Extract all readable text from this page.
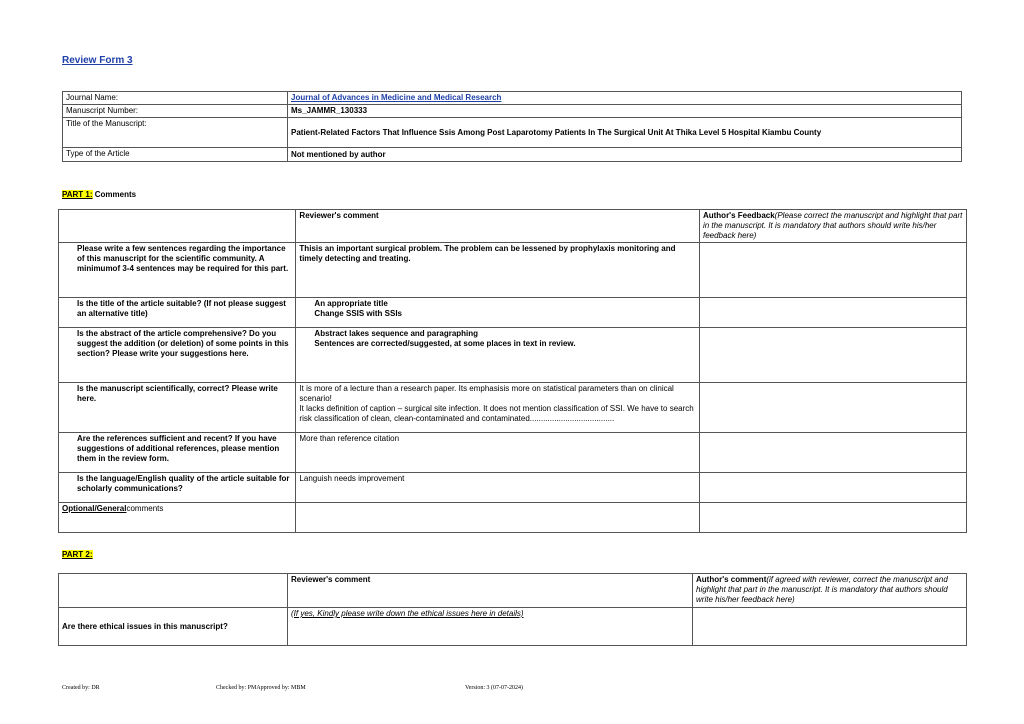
Review Form 3
Journal Name:	Journal of Advances in Medicine and Medical Research
Manuscript Number:	Ms_JAMMR_130333
Title of the Manuscript:	Patient-Related Factors That Influence Ssis Among Post Laparotomy Patients In The Surgical Unit At Thika Level 5 Hospital Kiambu County
Type of the Article	Not mentioned by author
PART 1: Comments
	Reviewer's comment	Author's Feedback(Please correct the manuscript and highlight that part in the manuscript. It is mandatory that authors should write his/her feedback here)
Please write a few sentences regarding the importance of this manuscript for the scientific community. A minimumof 3-4 sentences may be required for this part.	Thisis an important surgical problem. The problem can be lessened by prophylaxis monitoring and timely detecting and treating.	
Is the title of the article suitable? (If not please suggest an alternative title)	An appropriate title
Change SSIS with SSIs	

Is the abstract of the article comprehensive? Do you suggest the addition (or deletion) of some points in this section? Please write your suggestions here.	Abstract lakes sequence and paragraphing
Sentences are corrected/suggested, at some places in text in review.	

Is the manuscript scientifically, correct? Please write here.	It is more of a lecture than a research paper. Its emphasisis more on statistical parameters than on clinical scenario!
It lacks definition of caption – surgical site infection. It does not mention classification of SSI. We have to search risk classification of clean, clean-contaminated and contaminated......................................	

Are the references sufficient and recent? If you have suggestions of additional references, please mention them in the review form.	More than reference citation	
Is the language/English quality of the article suitable for scholarly communications?	Languish needs improvement	
Optional/Generalcomments		
PART 2:
	Reviewer's comment	Author's comment(if agreed with reviewer, correct the manuscript and highlight that part in the manuscript. It is mandatory that authors should write his/her feedback here)
Are there ethical issues in this manuscript?	(If yes, Kindly please write down the ethical issues here in details)	
Created by: DR	Checked by: PMApproved by: MBM	Version: 3 (07-07-2024)
